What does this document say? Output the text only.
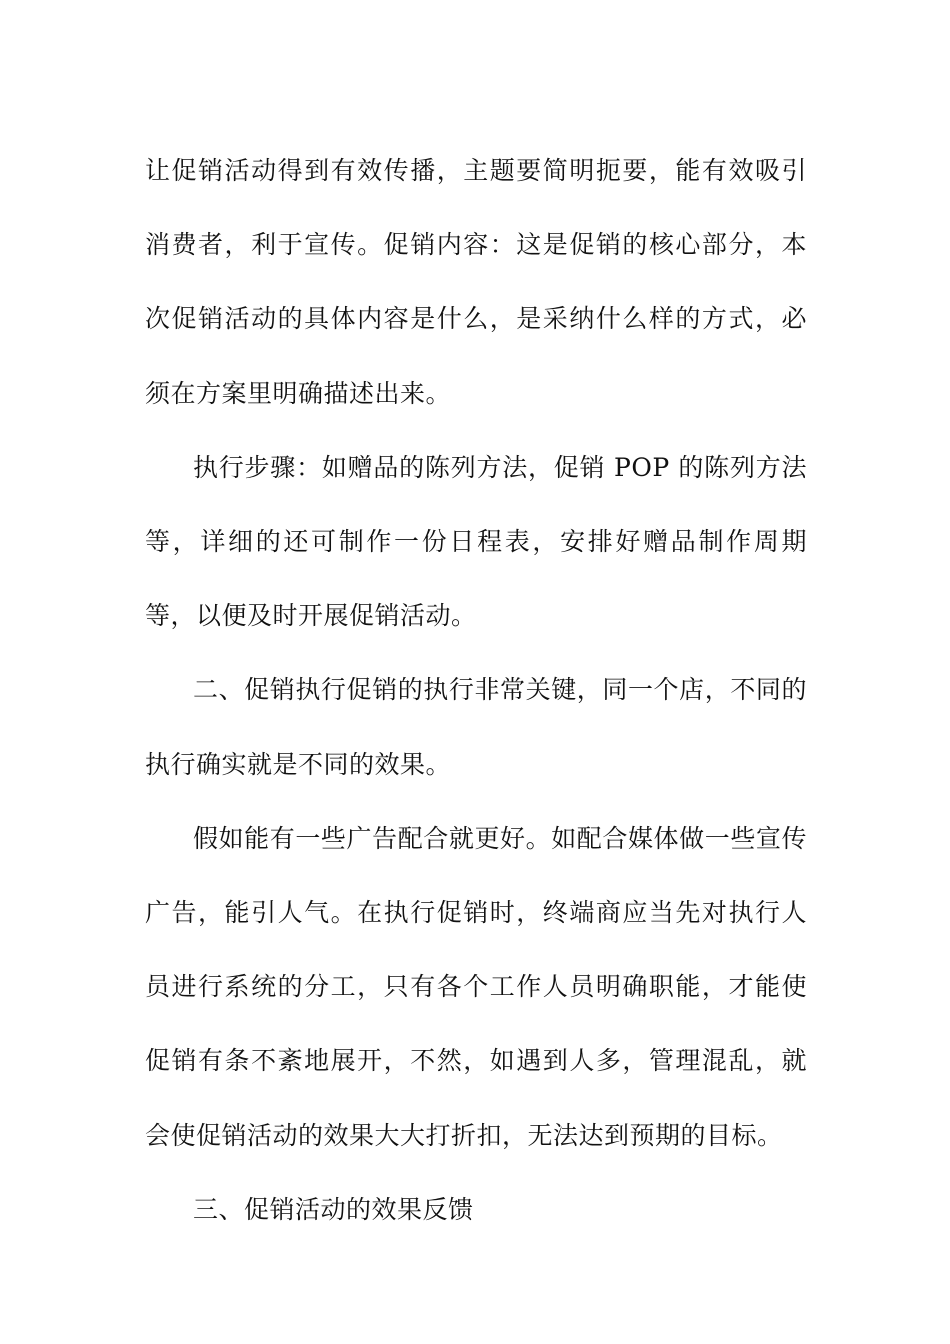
让促销活动得到有效传播，主题要简明扼要，能有效吸引消费者，利于宣传。促销内容：这是促销的核心部分，本次促销活动的具体内容是什么，是采纳什么样的方式，必须在方案里明确描述出来。

执行步骤：如赠品的陈列方法，促销 POP 的陈列方法等，详细的还可制作一份日程表，安排好赠品制作周期等，以便及时开展促销活动。

二、促销执行促销的执行非常关键，同一个店，不同的执行确实就是不同的效果。

假如能有一些广告配合就更好。如配合媒体做一些宣传广告，能引人气。在执行促销时，终端商应当先对执行人员进行系统的分工，只有各个工作人员明确职能，才能使促销有条不紊地展开，不然，如遇到人多，管理混乱，就会使促销活动的效果大大打折扣，无法达到预期的目标。

三、促销活动的效果反馈
